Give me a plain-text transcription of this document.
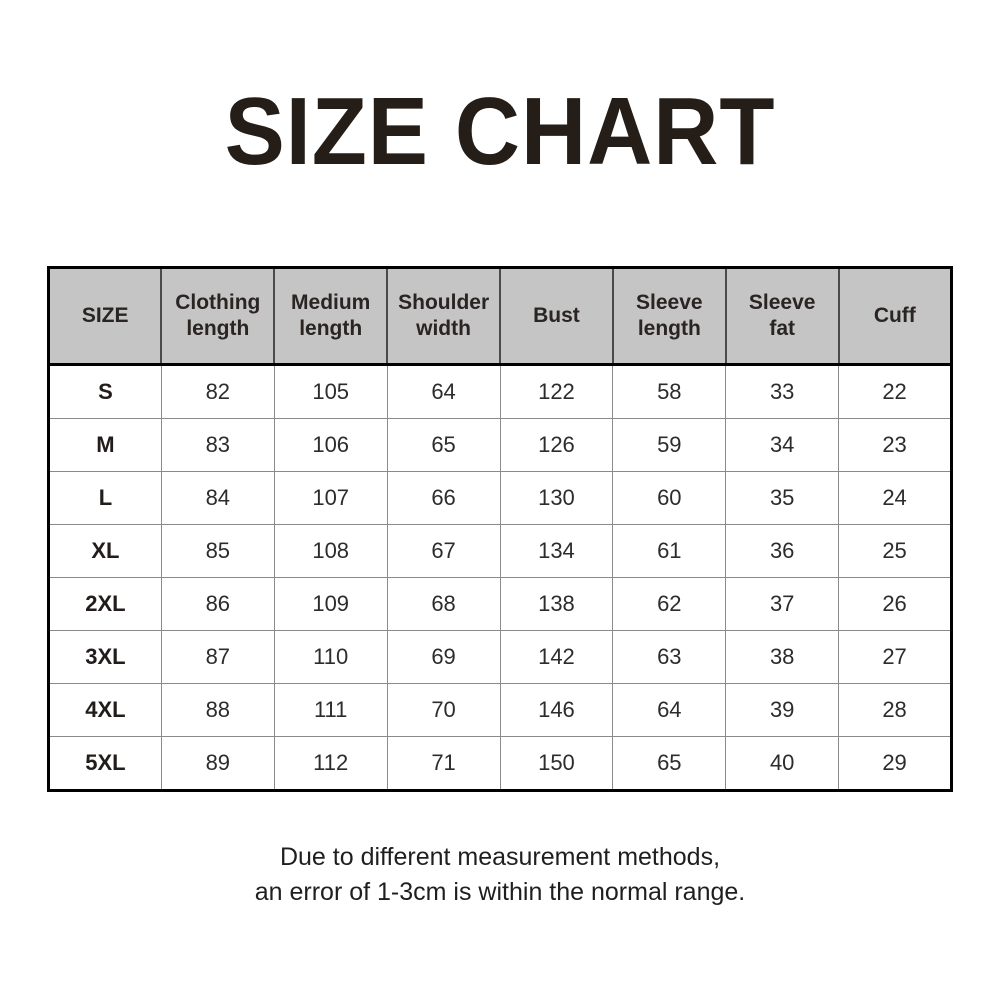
SIZE CHART
SIZE	Clothing length	Medium length	Shoulder width	Bust	Sleeve length	Sleeve fat	Cuff
S	82	105	64	122	58	33	22
M	83	106	65	126	59	34	23
L	84	107	66	130	60	35	24
XL	85	108	67	134	61	36	25
2XL	86	109	68	138	62	37	26
3XL	87	110	69	142	63	38	27
4XL	88	111	70	146	64	39	28
5XL	89	112	71	150	65	40	29

Due to different measurement methods,
an error of 1-3cm is within the normal range.
